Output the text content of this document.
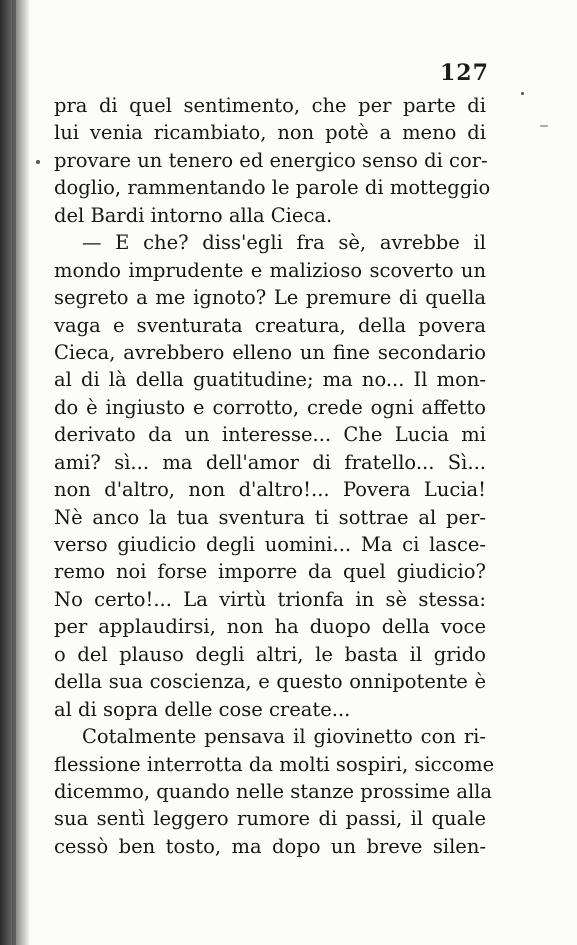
127
pra di quel sentimento, che per parte di
lui venia ricambiato, non potè a meno di
provare un tenero ed energico senso di cor-
doglio, rammentando le parole di motteggio
del Bardi intorno alla Cieca.
— E che? diss'egli fra sè, avrebbe il
mondo imprudente e malizioso scoverto un
segreto a me ignoto? Le premure di quella
vaga e sventurata creatura, della povera
Cieca, avrebbero elleno un fine secondario
al di là della guatitudine; ma no... Il mon-
do è ingiusto e corrotto, crede ogni affetto
derivato da un interesse... Che Lucia mi
ami? sì... ma dell'amor di fratello... Sì...
non d'altro, non d'altro!... Povera Lucia!
Nè anco la tua sventura ti sottrae al per-
verso giudicio degli uomini... Ma ci lasce-
remo noi forse imporre da quel giudicio?
No certo!... La virtù trionfa in sè stessa:
per applaudirsi, non ha duopo della voce
o del plauso degli altri, le basta il grido
della sua coscienza, e questo onnipotente è
al di sopra delle cose create...
Cotalmente pensava il giovinetto con ri-
flessione interrotta da molti sospiri, siccome
dicemmo, quando nelle stanze prossime alla
sua sentì leggero rumore di passi, il quale
cessò ben tosto, ma dopo un breve silen-
